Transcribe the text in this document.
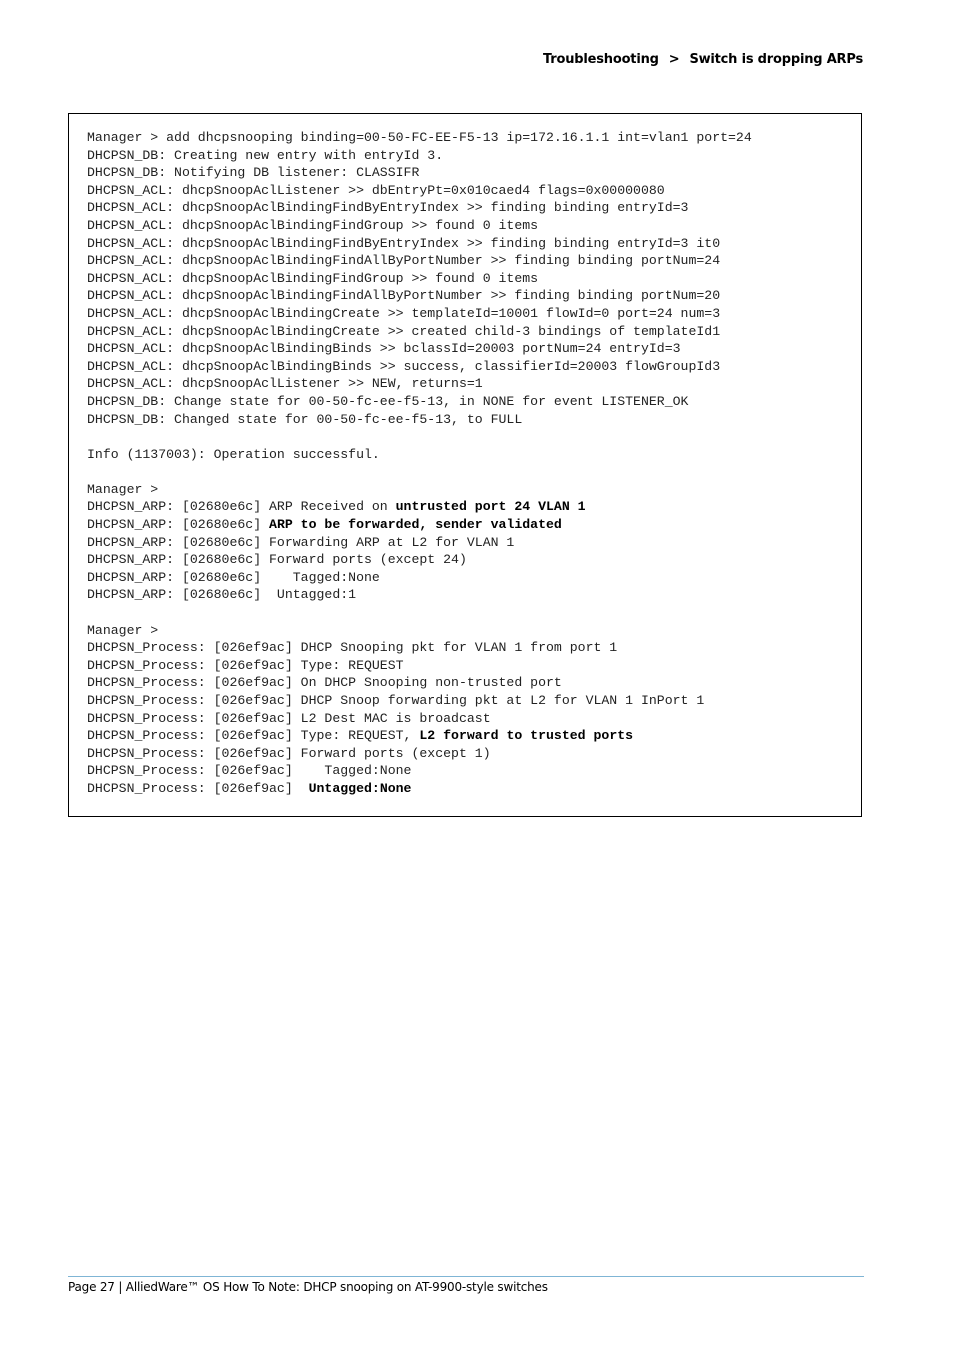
Troubleshooting > Switch is dropping ARPs
Manager > add dhcpsnooping binding=00-50-FC-EE-F5-13 ip=172.16.1.1 int=vlan1 port=24
DHCPSN_DB: Creating new entry with entryId 3.
DHCPSN_DB: Notifying DB listener: CLASSIFR
DHCPSN_ACL: dhcpSnoopAclListener >> dbEntryPt=0x010caed4 flags=0x00000080
DHCPSN_ACL: dhcpSnoopAclBindingFindByEntryIndex >> finding binding entryId=3
DHCPSN_ACL: dhcpSnoopAclBindingFindGroup >> found 0 items
DHCPSN_ACL: dhcpSnoopAclBindingFindByEntryIndex >> finding binding entryId=3 it0
DHCPSN_ACL: dhcpSnoopAclBindingFindAllByPortNumber >> finding binding portNum=24
DHCPSN_ACL: dhcpSnoopAclBindingFindGroup >> found 0 items
DHCPSN_ACL: dhcpSnoopAclBindingFindAllByPortNumber >> finding binding portNum=20
DHCPSN_ACL: dhcpSnoopAclBindingCreate >> templateId=10001 flowId=0 port=24 num=3
DHCPSN_ACL: dhcpSnoopAclBindingCreate >> created child-3 bindings of templateId1
DHCPSN_ACL: dhcpSnoopAclBindingBinds >> bclassId=20003 portNum=24 entryId=3
DHCPSN_ACL: dhcpSnoopAclBindingBinds >> success, classifierId=20003 flowGroupId3
DHCPSN_ACL: dhcpSnoopAclListener >> NEW, returns=1
DHCPSN_DB: Change state for 00-50-fc-ee-f5-13, in NONE for event LISTENER_OK
DHCPSN_DB: Changed state for 00-50-fc-ee-f5-13, to FULL
Info (1137003): Operation successful.
Manager >
DHCPSN_ARP: [02680e6c] ARP Received on untrusted port 24 VLAN 1
DHCPSN_ARP: [02680e6c] ARP to be forwarded, sender validated
DHCPSN_ARP: [02680e6c] Forwarding ARP at L2 for VLAN 1
DHCPSN_ARP: [02680e6c] Forward ports (except 24)
DHCPSN_ARP: [02680e6c]    Tagged:None
DHCPSN_ARP: [02680e6c]  Untagged:1
Manager >
DHCPSN_Process: [026ef9ac] DHCP Snooping pkt for VLAN 1 from port 1
DHCPSN_Process: [026ef9ac] Type: REQUEST
DHCPSN_Process: [026ef9ac] On DHCP Snooping non-trusted port
DHCPSN_Process: [026ef9ac] DHCP Snoop forwarding pkt at L2 for VLAN 1 InPort 1
DHCPSN_Process: [026ef9ac] L2 Dest MAC is broadcast
DHCPSN_Process: [026ef9ac] Type: REQUEST, L2 forward to trusted ports
DHCPSN_Process: [026ef9ac] Forward ports (except 1)
DHCPSN_Process: [026ef9ac]    Tagged:None
DHCPSN_Process: [026ef9ac]  Untagged:None
Page 27 | AlliedWare™ OS How To Note: DHCP snooping on AT-9900-style switches
